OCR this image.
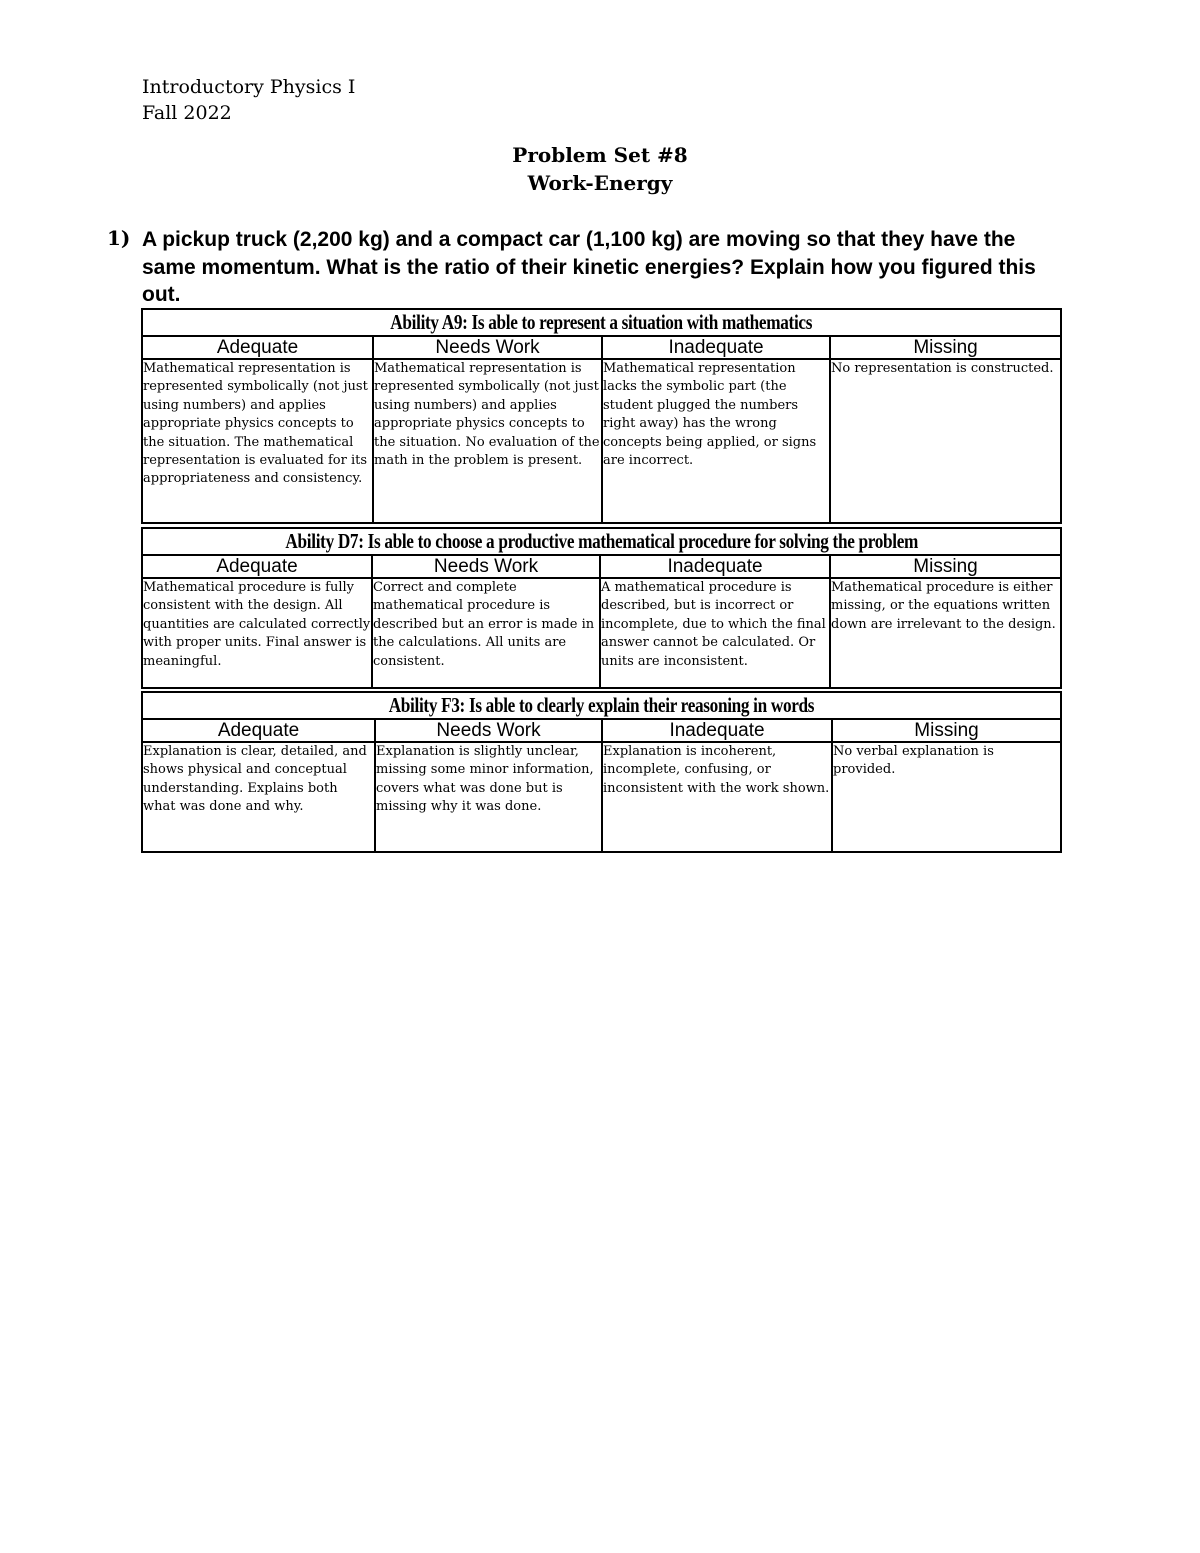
Introductory Physics I
Fall 2022
Problem Set #8
Work-Energy
1) A pickup truck (2,200 kg) and a compact car (1,100 kg) are moving so that they have the same momentum. What is the ratio of their kinetic energies? Explain how you figured this out.
Ability A9: Is able to represent a situation with mathematics			
Adequate	Needs Work	Inadequate	Missing
Mathematical representation is represented symbolically (not just using numbers) and applies appropriate physics concepts to the situation. The mathematical representation is evaluated for its appropriateness and consistency.	Mathematical representation is represented symbolically (not just using numbers) and applies appropriate physics concepts to the situation. No evaluation of the math in the problem is present.	Mathematical representation lacks the symbolic part (the student plugged the numbers right away) has the wrong concepts being applied, or signs are incorrect.	No representation is constructed.
Ability D7: Is able to choose a productive mathematical procedure for solving the problem			
Adequate	Needs Work	Inadequate	Missing
Mathematical procedure is fully consistent with the design. All quantities are calculated correctly with proper units. Final answer is meaningful.	Correct and complete mathematical procedure is described but an error is made in the calculations. All units are consistent.	A mathematical procedure is described, but is incorrect or incomplete, due to which the final answer cannot be calculated. Or units are inconsistent.	Mathematical procedure is either missing, or the equations written down are irrelevant to the design.
Ability F3: Is able to clearly explain their reasoning in words			
Adequate	Needs Work	Inadequate	Missing
Explanation is clear, detailed, and shows physical and conceptual understanding. Explains both what was done and why.	Explanation is slightly unclear, missing some minor information, covers what was done but is missing why it was done.	Explanation is incoherent, incomplete, confusing, or inconsistent with the work shown.	No verbal explanation is provided.
